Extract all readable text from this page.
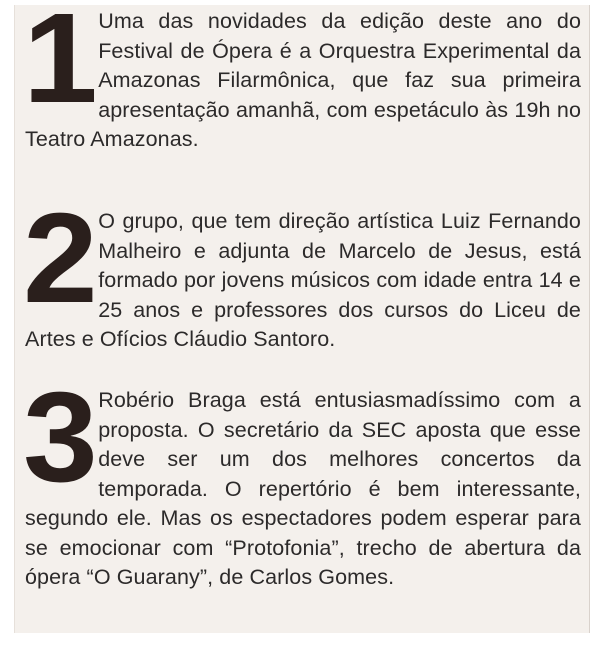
1 Uma das novidades da edição deste ano do Festival de Ópera é a Orquestra Experimental da Amazonas Filarmônica, que faz sua primeira apresentação amanhã, com espetáculo às 19h no Teatro Amazonas.
2 O grupo, que tem direção artística Luiz Fernando Malheiro e adjunta de Marcelo de Jesus, está formado por jovens músicos com idade entra 14 e 25 anos e professores dos cursos do Liceu de Artes e Ofícios Cláudio Santoro.
3 Robério Braga está entusiasmadíssimo com a proposta. O secretário da SEC aposta que esse deve ser um dos melhores concertos da temporada. O repertório é bem interessante, segundo ele. Mas os espectadores podem esperar para se emocionar com “Protofonia”, trecho de abertura da ópera “O Guarany”, de Carlos Gomes.
